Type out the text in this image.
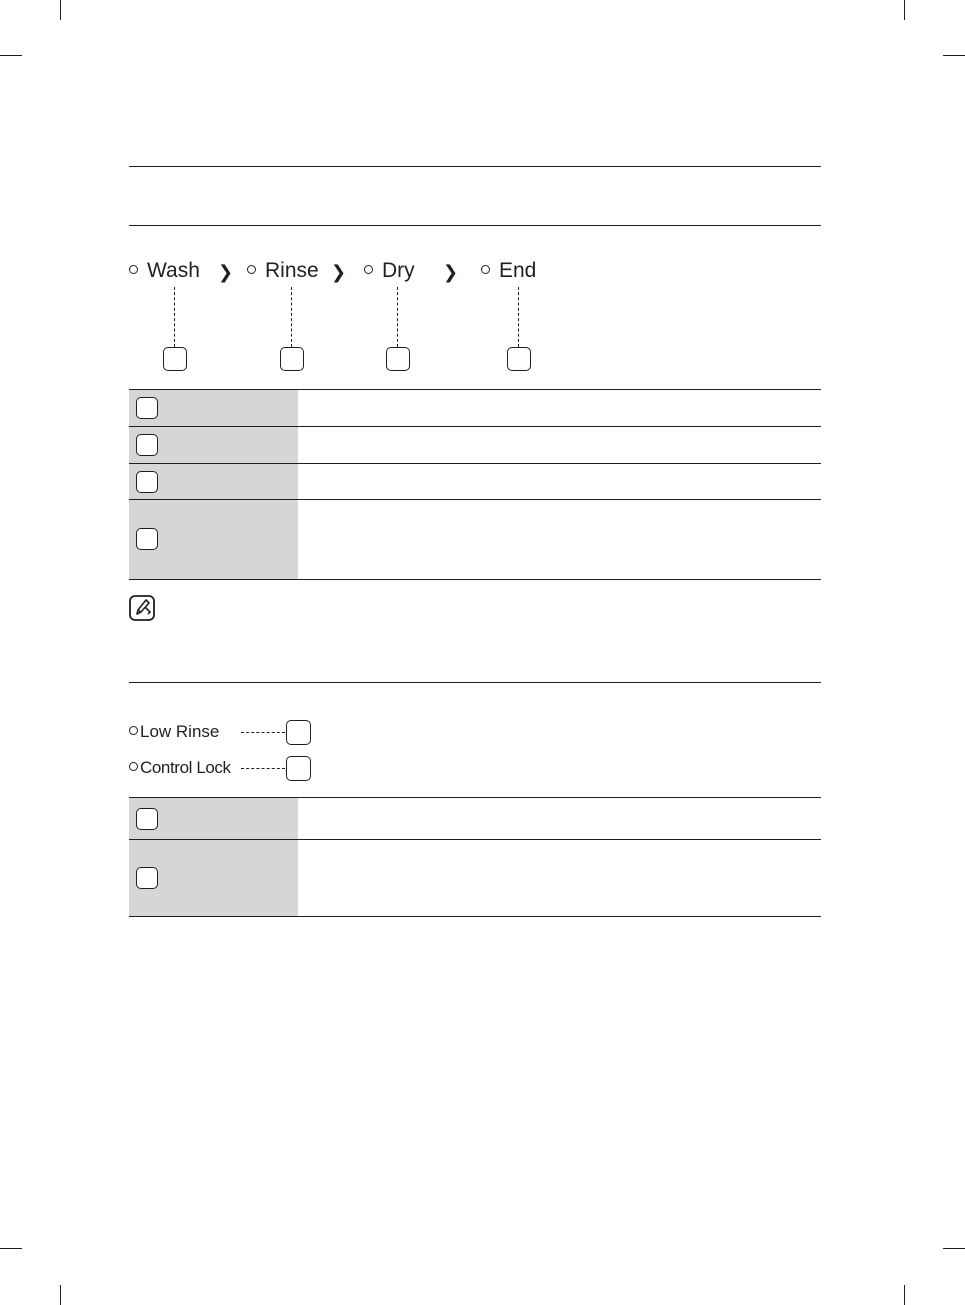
Wash ❯	Rinse ❯	Dry ❯	End
Low Rinse
Control Lock
